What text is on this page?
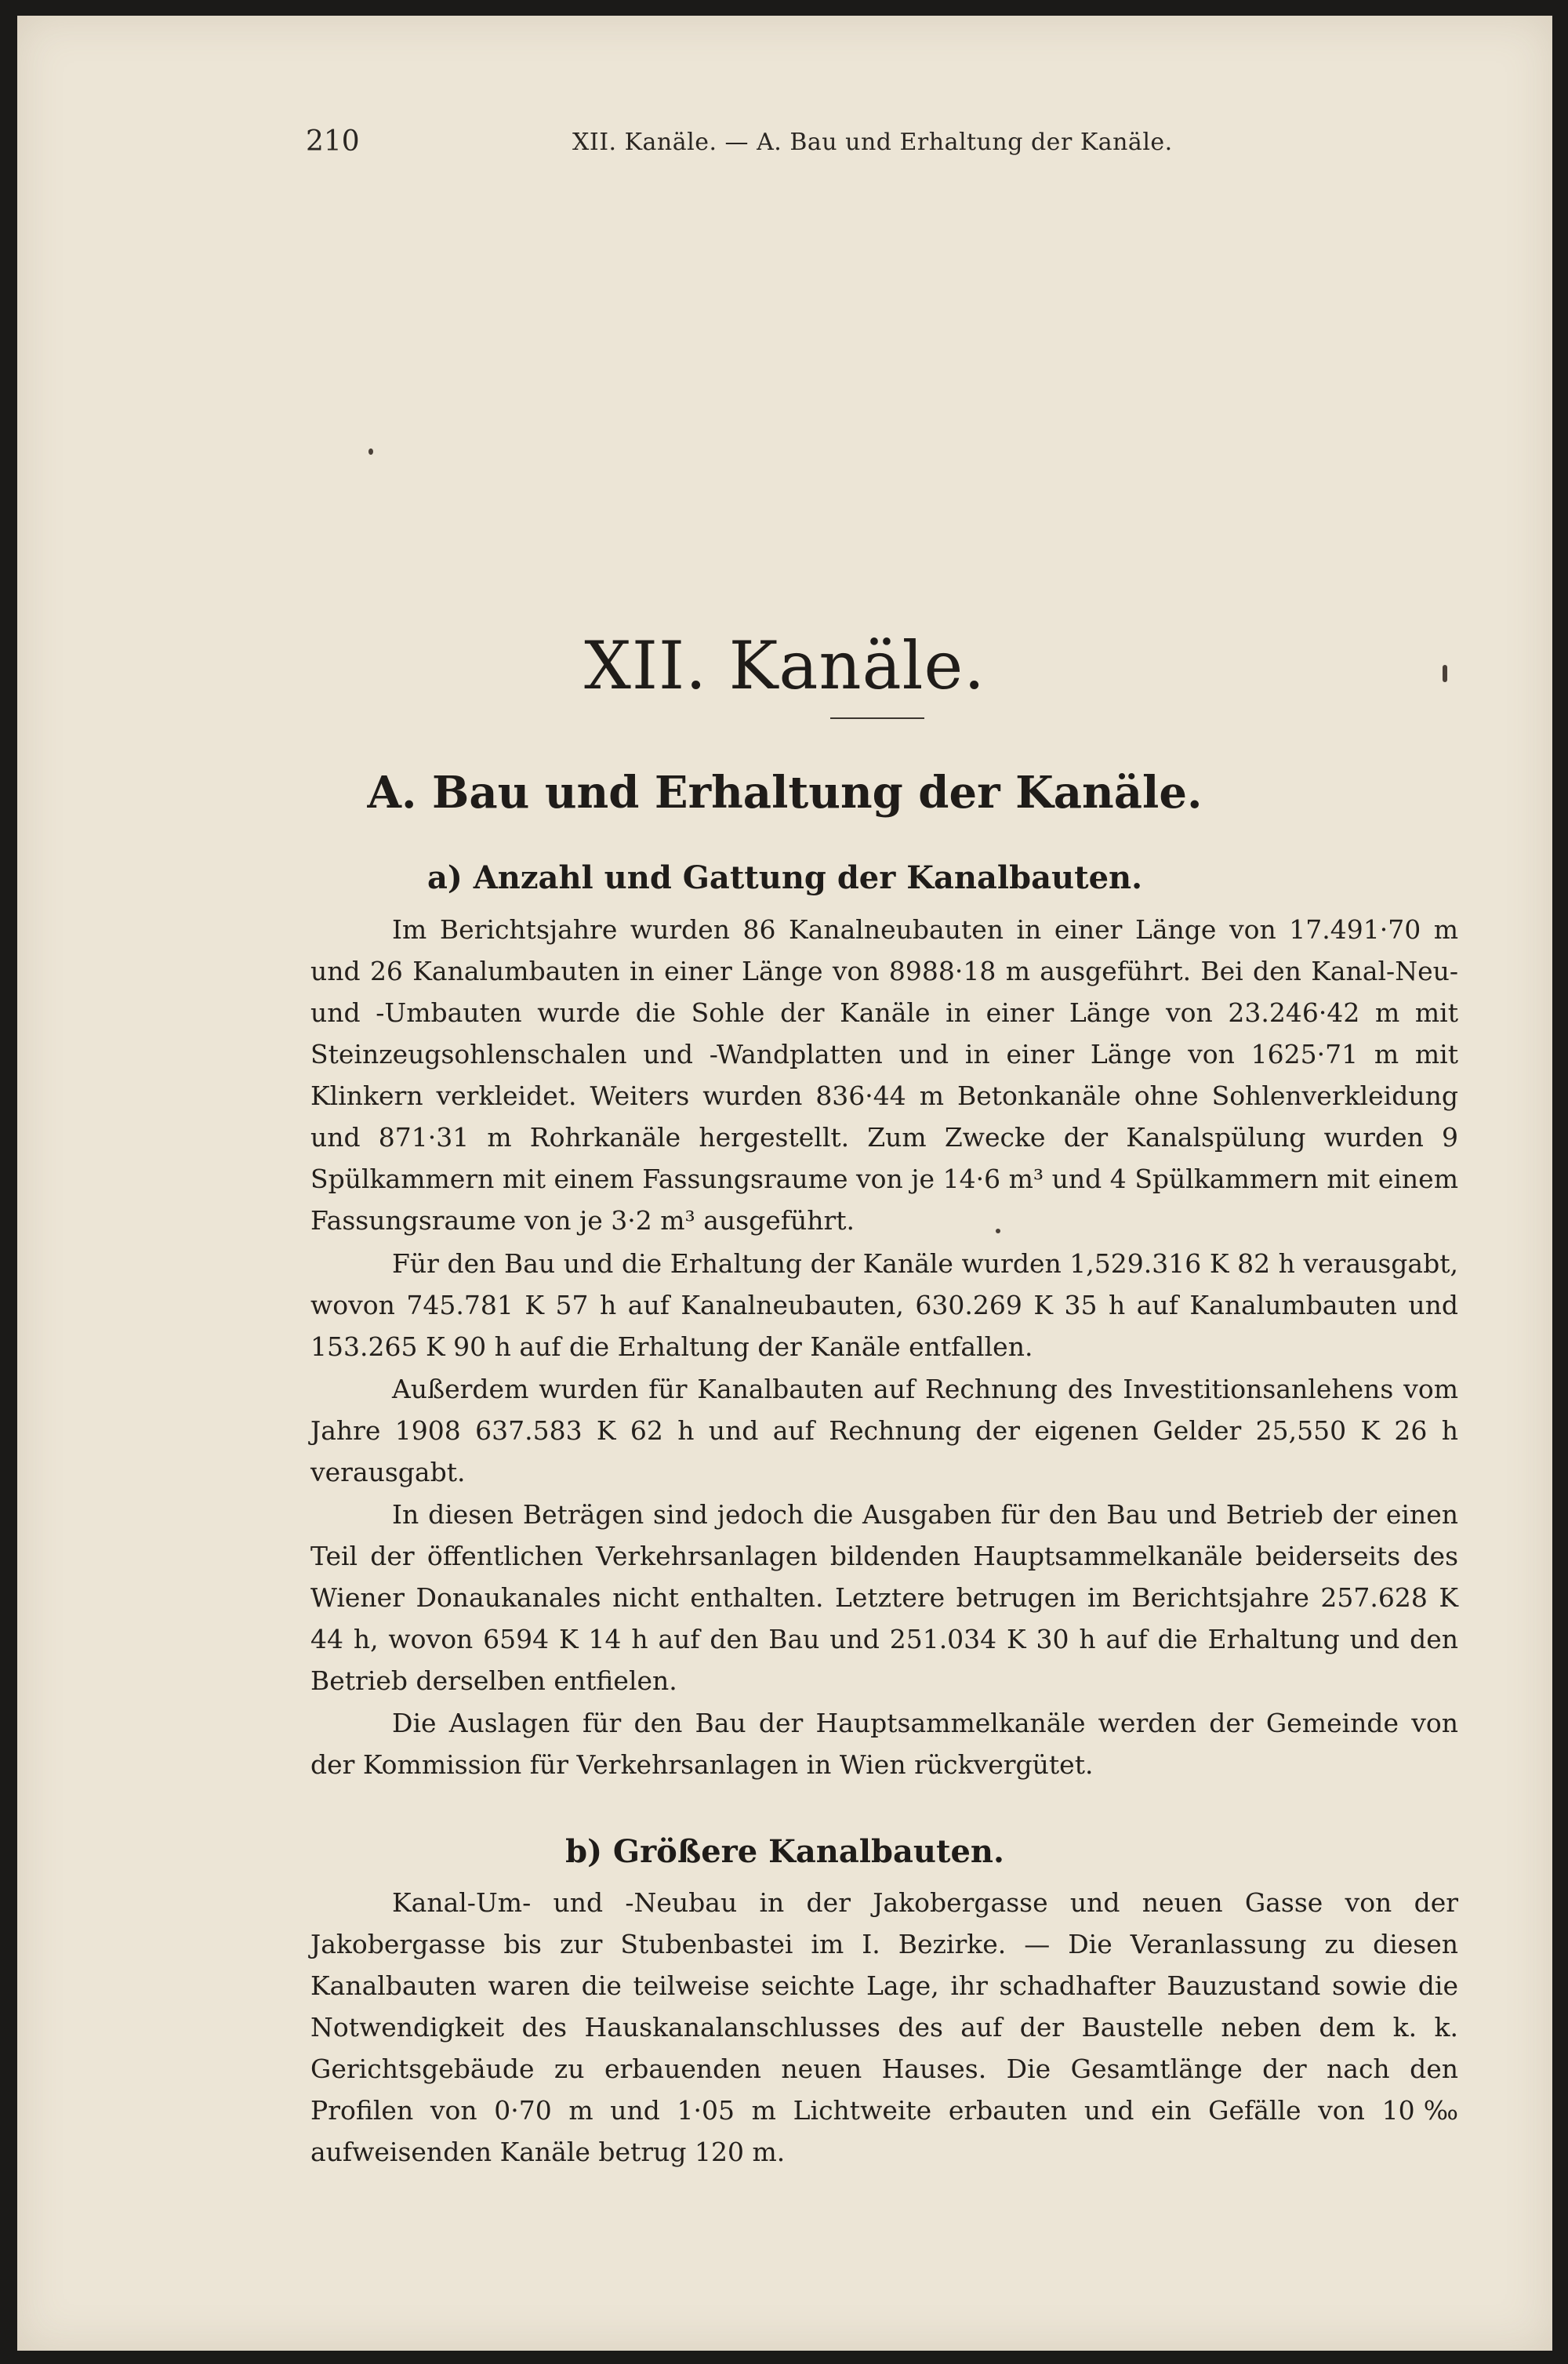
210	XII. Kanäle. — A. Bau und Erhaltung der Kanäle.
XII. Kanäle.
A. Bau und Erhaltung der Kanäle.
a) Anzahl und Gattung der Kanalbauten.

Im Berichtsjahre wurden 86 Kanalneubauten in einer Länge von 17.491·70 m und 26 Kanalumbauten in einer Länge von 8988·18 m ausgeführt. Bei den Kanal-Neu- und -Umbauten wurde die Sohle der Kanäle in einer Länge von 23.246·42 m mit Steinzeugsohlenschalen und -Wandplatten und in einer Länge von 1625·71 m mit Klinkern verkleidet. Weiters wurden 836·44 m Betonkanäle ohne Sohlenverkleidung und 871·31 m Rohrkanäle hergestellt. Zum Zwecke der Kanalspülung wurden 9 Spülkammern mit einem Fassungsraume von je 14·6 m³ und 4 Spülkammern mit einem Fassungsraume von je 3·2 m³ ausgeführt.

Für den Bau und die Erhaltung der Kanäle wurden 1,529.316 K 82 h verausgabt, wovon 745.781 K 57 h auf Kanalneubauten, 630.269 K 35 h auf Kanalumbauten und 153.265 K 90 h auf die Erhaltung der Kanäle entfallen.

Außerdem wurden für Kanalbauten auf Rechnung des Investitionsanlehens vom Jahre 1908 637.583 K 62 h und auf Rechnung der eigenen Gelder 25,550 K 26 h verausgabt.

In diesen Beträgen sind jedoch die Ausgaben für den Bau und Betrieb der einen Teil der öffentlichen Verkehrsanlagen bildenden Hauptsammelkanäle beiderseits des Wiener Donaukanales nicht enthalten. Letztere betrugen im Berichtsjahre 257.628 K 44 h, wovon 6594 K 14 h auf den Bau und 251.034 K 30 h auf die Erhaltung und den Betrieb derselben entfielen.

Die Auslagen für den Bau der Hauptsammelkanäle werden der Gemeinde von der Kommission für Verkehrsanlagen in Wien rückvergütet.

b) Größere Kanalbauten.

Kanal-Um- und -Neubau in der Jakobergasse und neuen Gasse von der Jakobergasse bis zur Stubenbastei im I. Bezirke. — Die Veranlassung zu diesen Kanalbauten waren die teilweise seichte Lage, ihr schadhafter Bauzustand sowie die Notwendigkeit des Hauskanalanschlusses des auf der Baustelle neben dem k. k. Gerichtsgebäude zu erbauenden neuen Hauses. Die Gesamtlänge der nach den Profilen von 0·70 m und 1·05 m Lichtweite erbauten und ein Gefälle von 10‰ aufweisenden Kanäle betrug 120 m.
